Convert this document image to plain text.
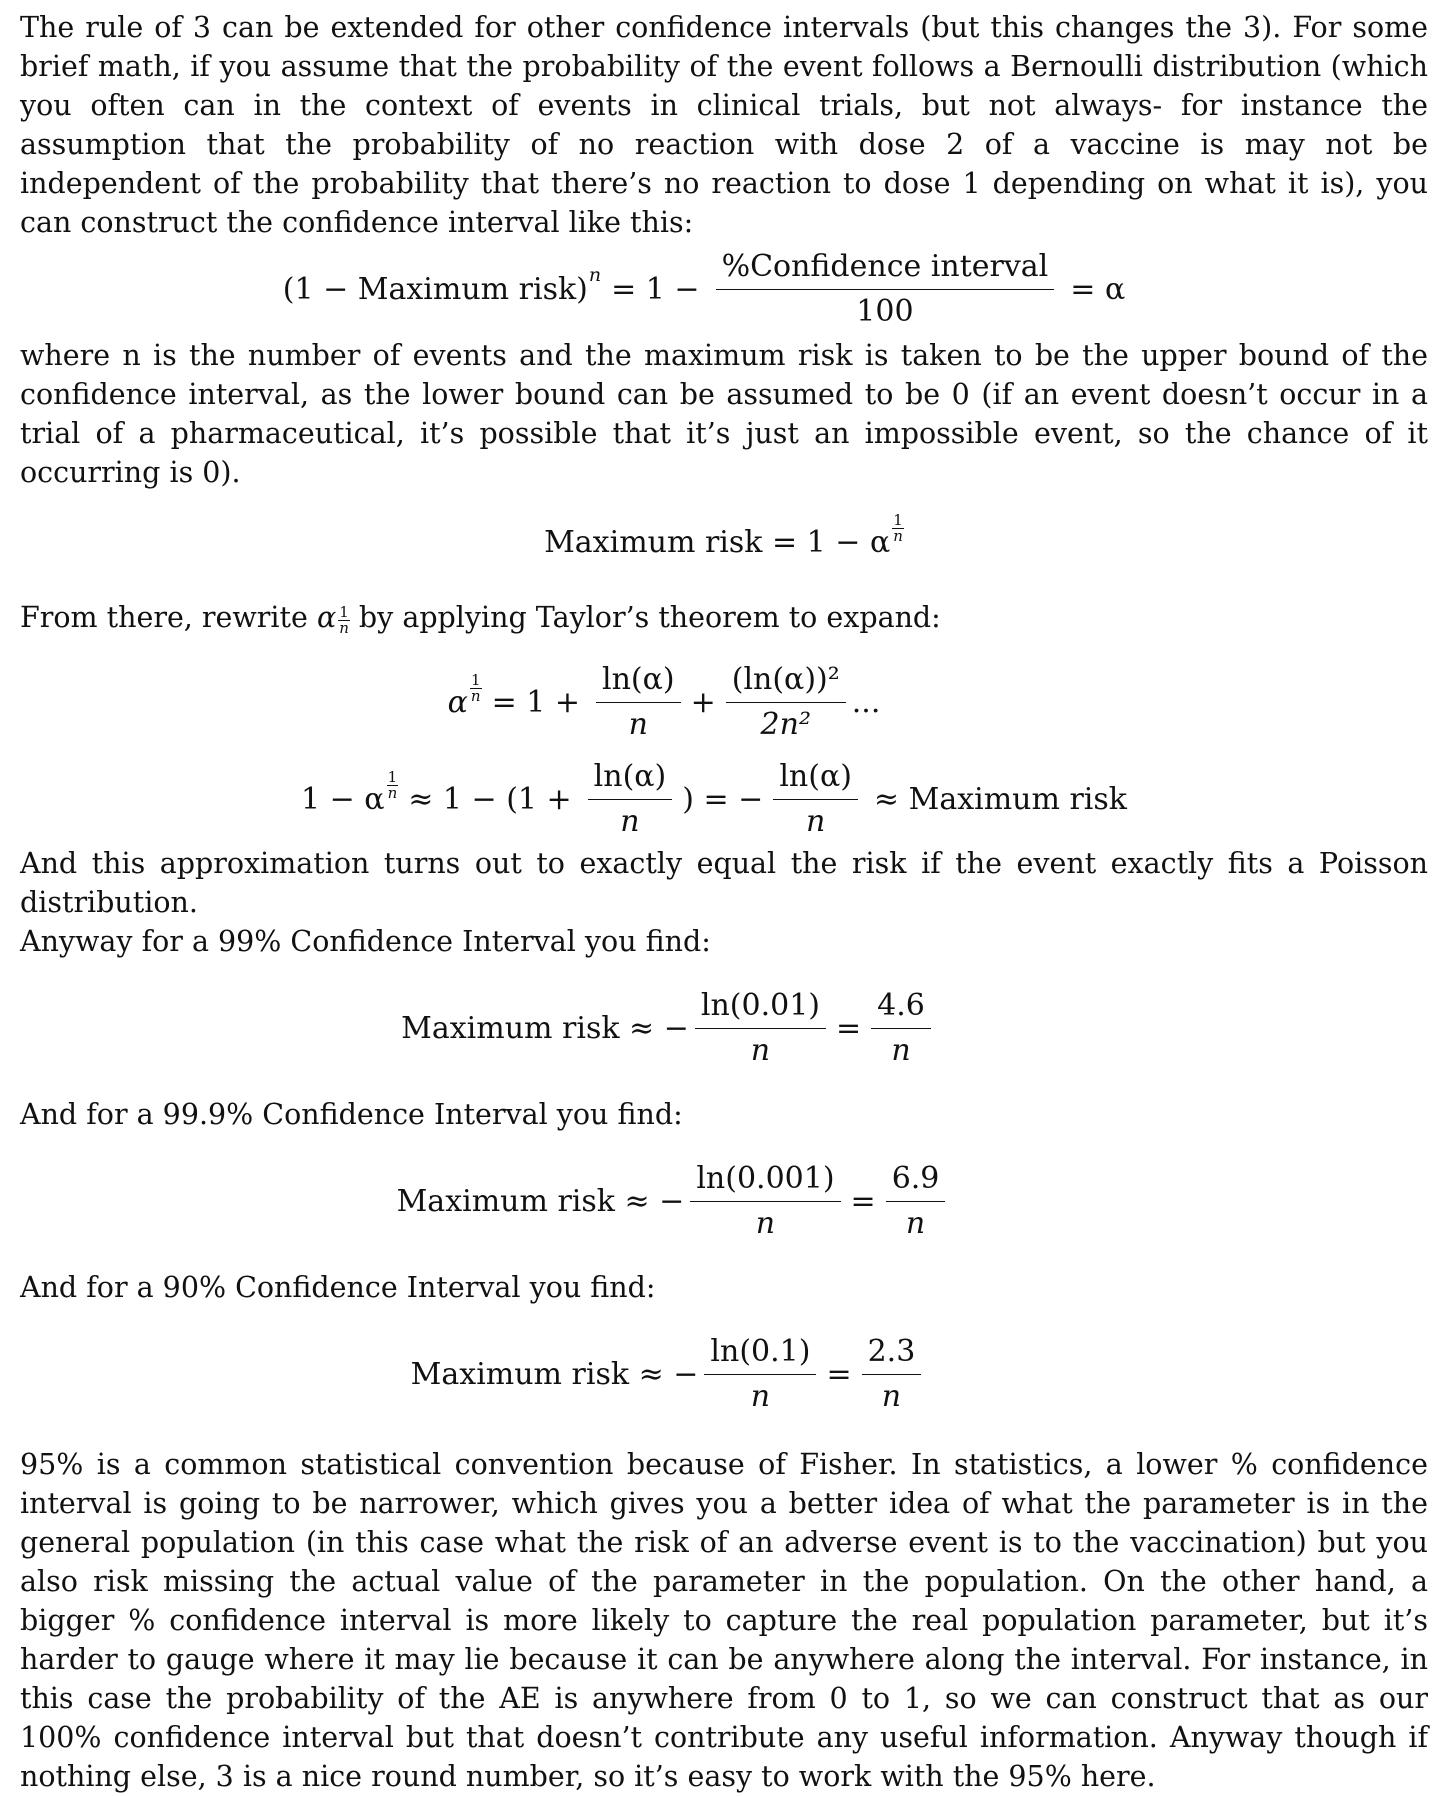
The rule of 3 can be extended for other confidence intervals (but this changes the 3). For some brief math, if you assume that the probability of the event follows a Bernoulli distribution (which you often can in the context of events in clinical trials, but not always- for instance the assumption that the probability of no reaction with dose 2 of a vaccine is may not be independent of the probability that there’s no reaction to dose 1 depending on what it is), you can construct the confidence interval like this:

(1 − Maximum risk) $n = 1 - \frac{\text{\%Confidence interval}}{100} = \alpha$

where n is the number of events and the maximum risk is taken to be the upper bound of the confidence interval, as the lower bound can be assumed to be 0 (if an event doesn’t occur in a trial of a pharmaceutical, it’s possible that it’s just an impossible event, so the chance of it occurring is 0).

Maximum risk = 1 − α $\frac{1}{n}$

From there, rewrite α $\frac{1}{n}$ by applying Taylor’s theorem to expand:

α $\frac{1}{n} = 1 + \frac{\ln(\alpha)}{n} + \frac{\text{(ln(α))²}}{\text{2n²}}$ ...
1 − α $\frac{1}{n} \approx 1 - (1 + \frac{\ln(\alpha)}{n}$ ) = − $\frac{\ln(\alpha)}{n}$ ≈ Maximum risk

And this approximation turns out to exactly equal the risk if the event exactly fits a Poisson distribution.

Anyway for a 99% Confidence Interval you find:

Maximum risk ≈ − $\frac{\ln(0.01)}{n} = \frac{4.6}{n}$

And for a 99.9% Confidence Interval you find:

Maximum risk ≈ − $\frac{\ln(0.001)}{n} = \frac{6.9}{n}$

And for a 90% Confidence Interval you find:

Maximum risk ≈ − $\frac{\ln(0.1)}{n} = \frac{2.3}{n}$

95% is a common statistical convention because of Fisher. In statistics, a lower % confidence interval is going to be narrower, which gives you a better idea of what the parameter is in the general population (in this case what the risk of an adverse event is to the vaccination) but you also risk missing the actual value of the parameter in the population. On the other hand, a bigger % confidence interval is more likely to capture the real population parameter, but it’s harder to gauge where it may lie because it can be anywhere along the interval. For instance, in this case the probability of the AE is anywhere from 0 to 1, so we can construct that as our 100% confidence interval but that doesn’t contribute any useful information. Anyway though if nothing else, 3 is a nice round number, so it’s easy to work with the 95% here.
